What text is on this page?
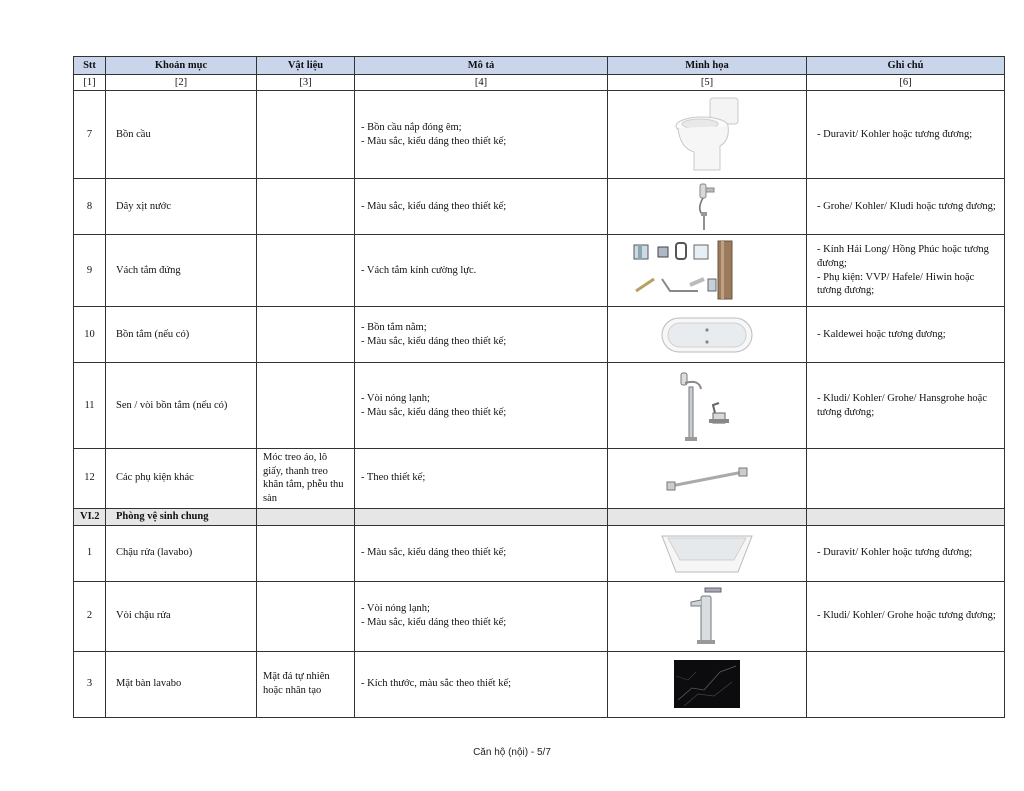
Stt	Khoản mục	Vật liệu	Mô tả	Minh họa	Ghi chú
[1]	[2]	[3]	[4]	[5]	[6]
7	Bồn cầu		- Bồn cầu nắp đóng êm;
- Màu sắc, kiểu dáng theo thiết kế;		- Duravit/ Kohler hoặc tương đương;

8	Dây xịt nước		- Màu sắc, kiểu dáng theo thiết kế;		- Grohe/ Kohler/ Kludi hoặc tương đương;

9	Vách tắm đứng		- Vách tắm kính cường lực.		- Kính Hải Long/ Hồng Phúc hoặc tương đương;
- Phụ kiện: VVP/ Hafele/ Hiwin hoặc tương đương;

10	Bồn tắm (nếu có)		- Bồn tắm nằm;
- Màu sắc, kiểu dáng theo thiết kế;		- Kaldewei hoặc tương đương;

11	Sen / vòi bồn tắm (nếu có)		- Vòi nóng lạnh;
- Màu sắc, kiểu dáng theo thiết kế;		- Kludi/ Kohler/ Grohe/ Hansgrohe hoặc tương đương;

12	Các phụ kiện khác	Móc treo áo, lô giấy, thanh treo khăn tắm, phễu thu sàn	- Theo thiết kế;

VI.2	Phòng vệ sinh chung				
1	Chậu rửa (lavabo)		- Màu sắc, kiểu dáng theo thiết kế;		- Duravit/ Kohler hoặc tương đương;

2	Vòi chậu rửa		- Vòi nóng lạnh;
- Màu sắc, kiểu dáng theo thiết kế;		- Kludi/ Kohler/ Grohe hoặc tương đương;

3	Mặt bàn lavabo	Mặt đá tự nhiên hoặc nhân tạo	- Kích thước, màu sắc theo thiết kế;

Căn hộ (nội) - 5/7
